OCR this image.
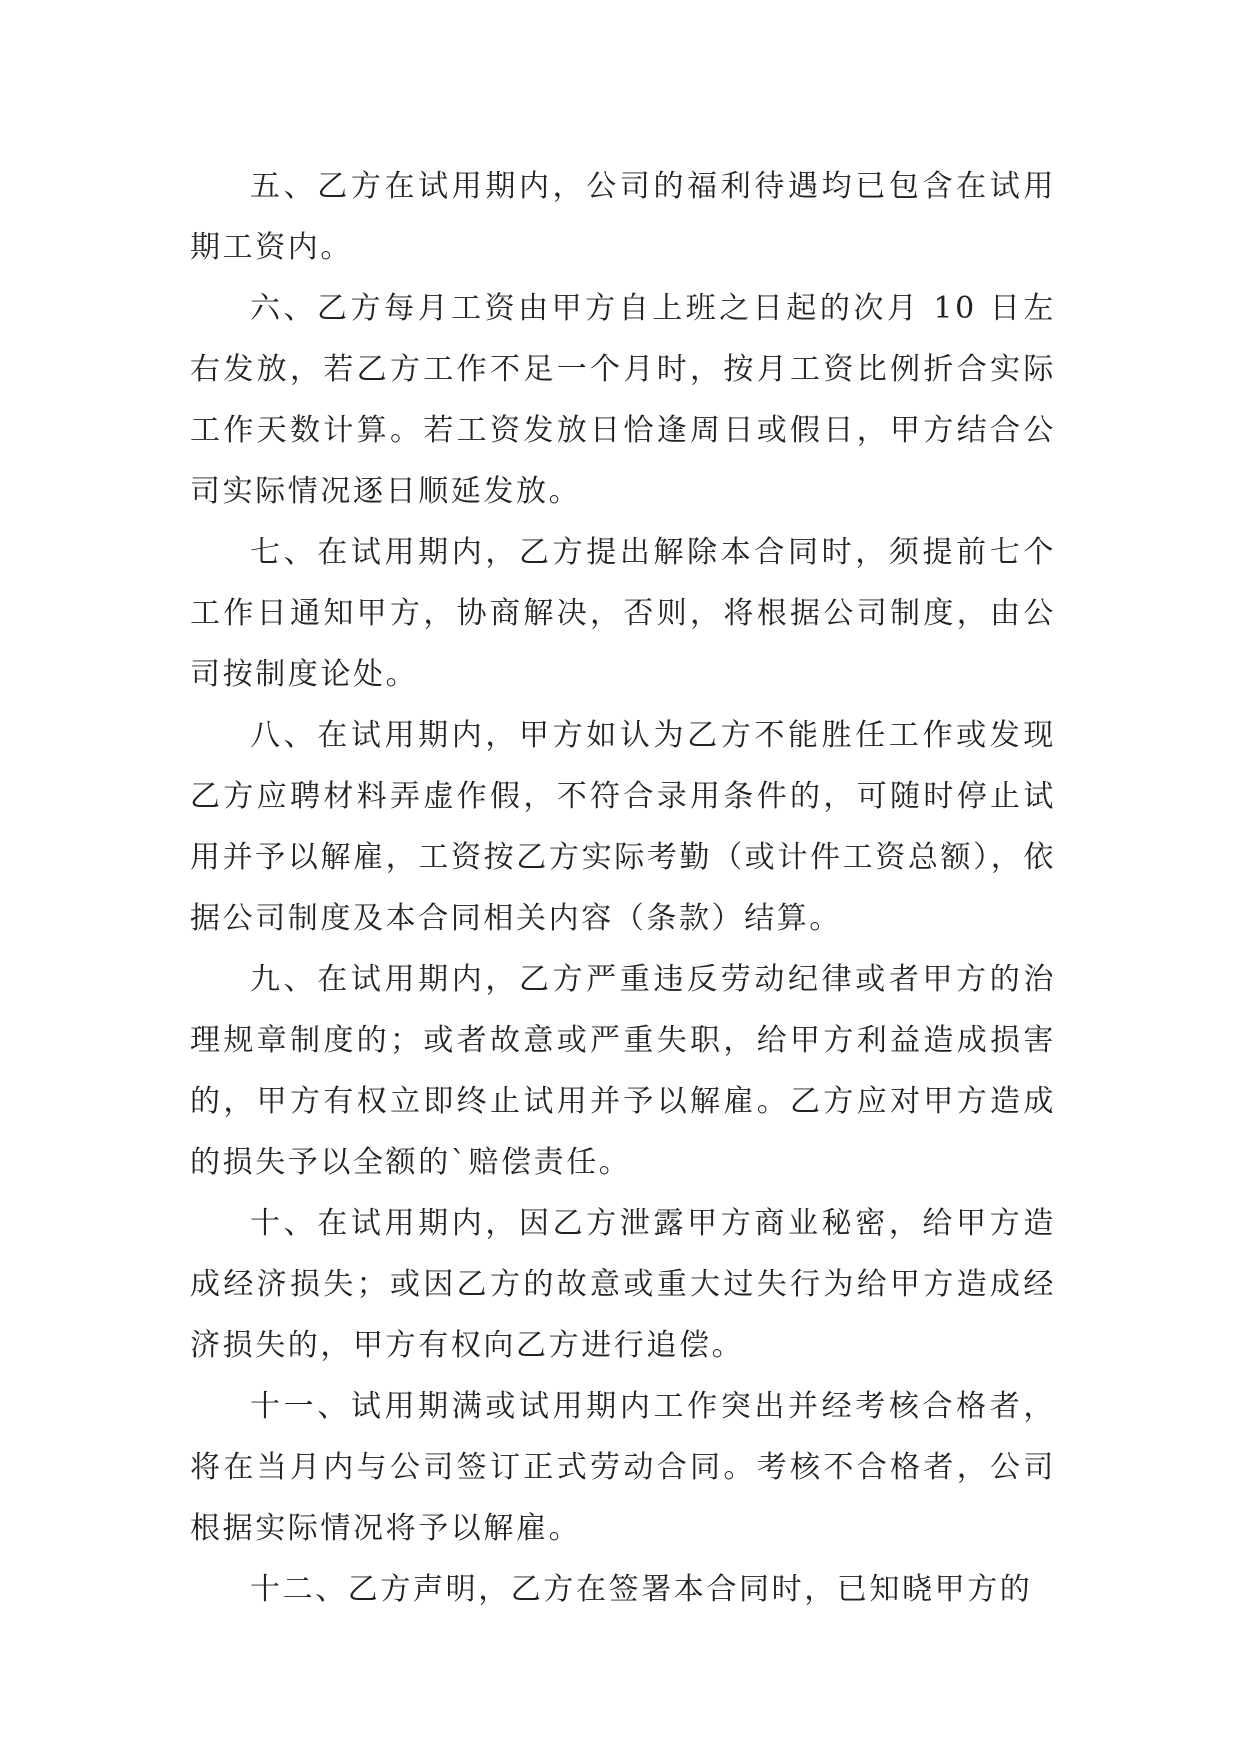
五、乙方在试用期内，公司的福利待遇均已包含在试用期工资内。

六、乙方每月工资由甲方自上班之日起的次月 10 日左右发放，若乙方工作不足一个月时，按月工资比例折合实际工作天数计算。若工资发放日恰逢周日或假日，甲方结合公司实际情况逐日顺延发放。

七、在试用期内，乙方提出解除本合同时，须提前七个工作日通知甲方，协商解决，否则，将根据公司制度，由公司按制度论处。

八、在试用期内，甲方如认为乙方不能胜任工作或发现乙方应聘材料弄虚作假，不符合录用条件的，可随时停止试用并予以解雇，工资按乙方实际考勤（或计件工资总额），依据公司制度及本合同相关内容（条款）结算。

九、在试用期内，乙方严重违反劳动纪律或者甲方的治理规章制度的；或者故意或严重失职，给甲方利益造成损害的，甲方有权立即终止试用并予以解雇。乙方应对甲方造成的损失予以全额的`赔偿责任。

十、在试用期内，因乙方泄露甲方商业秘密，给甲方造成经济损失；或因乙方的故意或重大过失行为给甲方造成经济损失的，甲方有权向乙方进行追偿。

十一、试用期满或试用期内工作突出并经考核合格者，将在当月内与公司签订正式劳动合同。考核不合格者，公司根据实际情况将予以解雇。

十二、乙方声明，乙方在签署本合同时，已知晓甲方的
